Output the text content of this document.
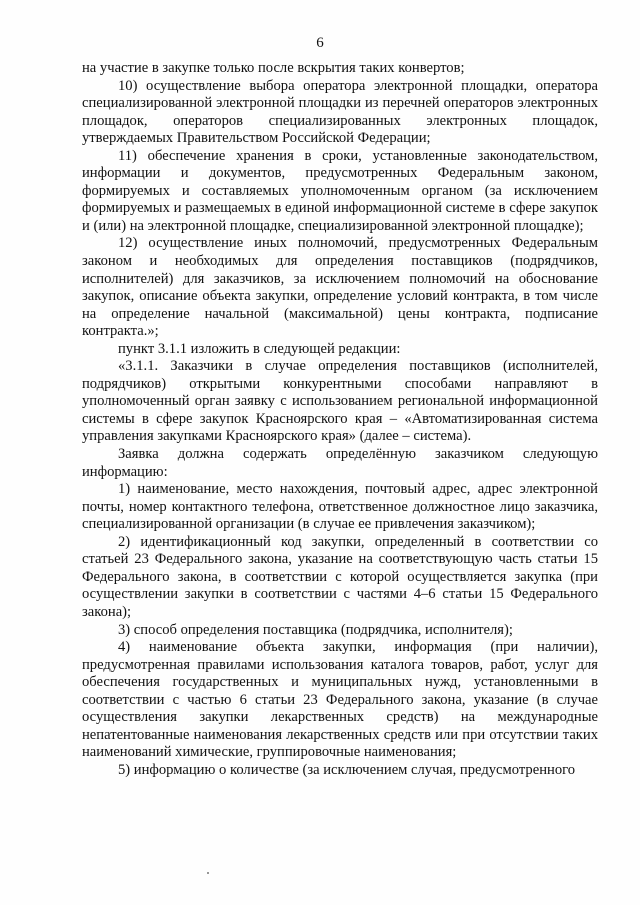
6

на участие в закупке только после вскрытия таких конвертов;

10) осуществление выбора оператора электронной площадки, оператора специализированной электронной площадки из перечней операторов электронных площадок, операторов специализированных электронных площадок, утверждаемых Правительством Российской Федерации;

11) обеспечение хранения в сроки, установленные законодательством, информации и документов, предусмотренных Федеральным законом, формируемых и составляемых уполномоченным органом (за исключением формируемых и размещаемых в единой информационной системе в сфере закупок и (или) на электронной площадке, специализированной электронной площадке);

12) осуществление иных полномочий, предусмотренных Федеральным законом и необходимых для определения поставщиков (подрядчиков, исполнителей) для заказчиков, за исключением полномочий на обоснование закупок, описание объекта закупки, определение условий контракта, в том числе на определение начальной (максимальной) цены контракта, подписание контракта.»;

пункт 3.1.1 изложить в следующей редакции:

«3.1.1. Заказчики в случае определения поставщиков (исполнителей, подрядчиков) открытыми конкурентными способами направляют в уполномоченный орган заявку с использованием региональной информационной системы в сфере закупок Красноярского края – «Автоматизированная система управления закупками Красноярского края» (далее – система).

Заявка должна содержать определённую заказчиком следующую информацию:

1) наименование, место нахождения, почтовый адрес, адрес электронной почты, номер контактного телефона, ответственное должностное лицо заказчика, специализированной организации (в случае ее привлечения заказчиком);

2) идентификационный код закупки, определенный в соответствии со статьей 23 Федерального закона, указание на соответствующую часть статьи 15 Федерального закона, в соответствии с которой осуществляется закупка (при осуществлении закупки в соответствии с частями 4–6 статьи 15 Федерального закона);

3) способ определения поставщика (подрядчика, исполнителя);

4) наименование объекта закупки, информация (при наличии), предусмотренная правилами использования каталога товаров, работ, услуг для обеспечения государственных и муниципальных нужд, установленными в соответствии с частью 6 статьи 23 Федерального закона, указание (в случае осуществления закупки лекарственных средств) на международные непатентованные наименования лекарственных средств или при отсутствии таких наименований химические, группировочные наименования;

5) информацию о количестве (за исключением случая, предусмотренного
